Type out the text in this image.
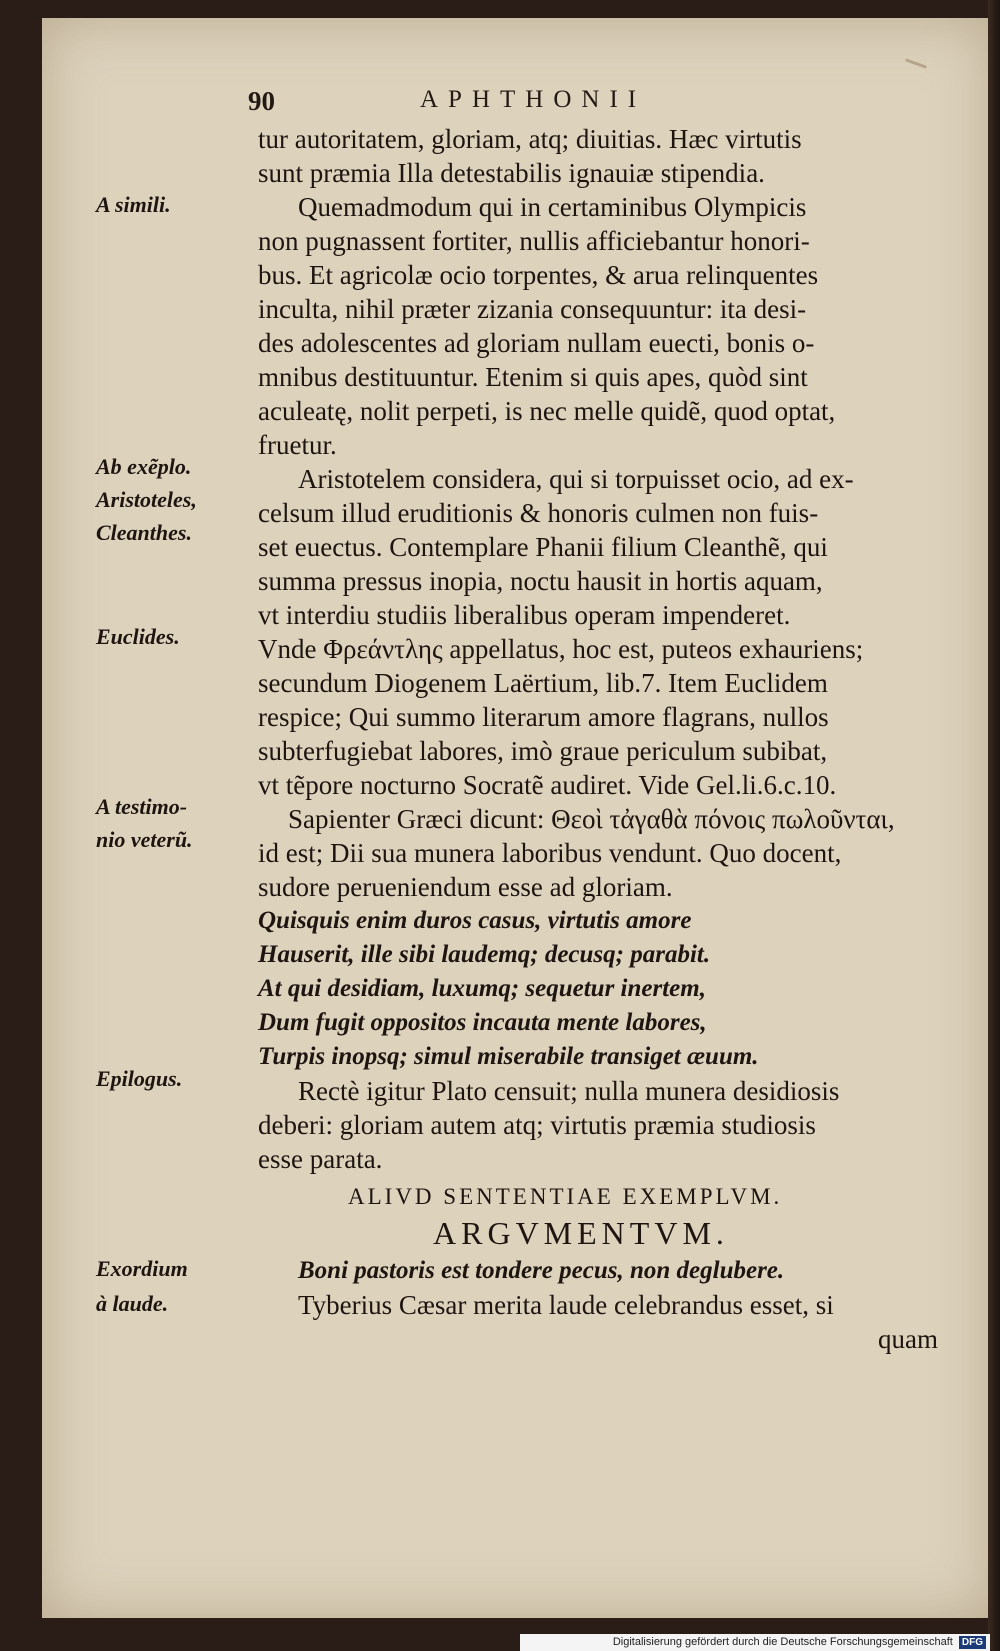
90	APHTHONII
A simili.
Ab exẽplo.
Aristoteles,
Cleanthes.
Euclides.
A testimo-
nio veterũ.
Epilogus.
Exordium
à laude.
tur autoritatem, gloriam, atq; diuitias. Hæc virtutis
sunt præmia Illa detestabilis ignauiæ stipendia.
Quemadmodum qui in certaminibus Olympicis
non pugnassent fortiter, nullis afficiebantur honori-
bus. Et agricolæ ocio torpentes, & arua relinquentes
inculta, nihil præter zizania consequuntur: ita desi-
des adolescentes ad gloriam nullam euecti, bonis o-
mnibus destituuntur. Etenim si quis apes, quòd sint
aculeatę, nolit perpeti, is nec melle quidẽ, quod optat,
fruetur.
Aristotelem considera, qui si torpuisset ocio, ad ex-
celsum illud eruditionis & honoris culmen non fuis-
set euectus. Contemplare Phanii filium Cleanthẽ, qui
summa pressus inopia, noctu hausit in hortis aquam,
vt interdiu studiis liberalibus operam impenderet.
Vnde Φρεάντλης appellatus, hoc est, puteos exhauriens;
secundum Diogenem Laërtium, lib.7. Item Euclidem
respice; Qui summo literarum amore flagrans, nullos
subterfugiebat labores, imò graue periculum subibat,
vt tẽpore nocturno Socratẽ audiret. Vide Gel.li.6.c.10.
Sapienter Græci dicunt: Θεοὶ τἀγαθὰ πόνοις πωλοῦνται,
id est; Dii sua munera laboribus vendunt. Quo docent,
sudore perueniendum esse ad gloriam.
Quisquis enim duros casus, virtutis amore
Hauserit, ille sibi laudemq; decusq; parabit.
At qui desidiam, luxumq; sequetur inertem,
Dum fugit oppositos incauta mente labores,
Turpis inopsq; simul miserabile transiget æuum.
Rectè igitur Plato censuit; nulla munera desidiosis
deberi: gloriam autem atq; virtutis præmia studiosis
esse parata.
ALIVD SENTENTIAE EXEMPLVM.
ARGVMENTVM.
Boni pastoris est tondere pecus, non deglubere.
Tyberius Cæsar merita laude celebrandus esset, si
quam
Digitalisierung gefördert durch die Deutsche Forschungsgemeinschaft DFG
